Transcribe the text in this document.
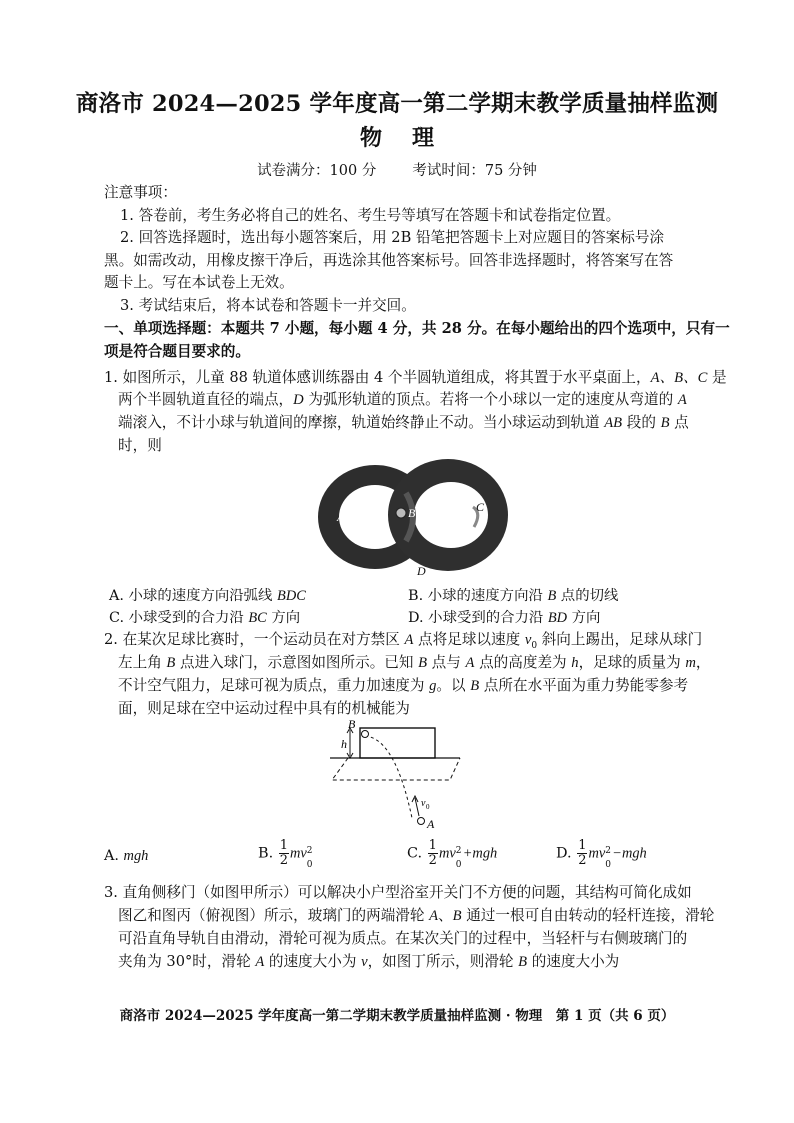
商洛市 2024—2025 学年度高一第二学期末教学质量抽样监测
物理
试卷满分：100 分 考试时间：75 分钟
注意事项：
1. 答卷前，考生务必将自己的姓名、考生号等填写在答题卡和试卷指定位置。
2. 回答选择题时，选出每小题答案后，用 2B 铅笔把答题卡上对应题目的答案标号涂
黑。如需改动，用橡皮擦干净后，再选涂其他答案标号。回答非选择题时，将答案写在答
题卡上。写在本试卷上无效。
3. 考试结束后，将本试卷和答题卡一并交回。
一、单项选择题：本题共 7 小题，每小题 4 分，共 28 分。在每小题给出的四个选项中，只有一
项是符合题目要求的。
1. 如图所示，儿童 88 轨道体感训练器由 4 个半圆轨道组成，将其置于水平桌面上，A、B、C 是
两个半圆轨道直径的端点，D 为弧形轨道的顶点。若将一个小球以一定的速度从弯道的 A
端滚入，不计小球与轨道间的摩擦，轨道始终静止不动。当小球运动到轨道 AB 段的 B 点
时，则
A	B	C
D
A. 小球的速度方向沿弧线 BDC	B. 小球的速度方向沿 B 点的切线
C. 小球受到的合力沿 BC 方向	D. 小球受到的合力沿 BD 方向
2. 在某次足球比赛时，一个运动员在对方禁区 A 点将足球以速度 $v_0$ 斜向上踢出，足球从球门
左上角 B 点进入球门，示意图如图所示。已知 B 点与 A 点的高度差为 h，足球的质量为 m，
不计空气阻力，足球可视为质点，重力加速度为 g。以 B 点所在水平面为重力势能零参考
面，则足球在空中运动过程中具有的机械能为
B
h
v 0
A
A. mgh	B. $\frac{1}{2}$ mv 2
0
C. $\frac{1}{2}$ mv 2
0
+mgh	D. $\frac{1}{2}$ mv 2
0
−mgh
3. 直角侧移门（如图甲所示）可以解决小户型浴室开关门不方便的问题，其结构可简化成如
图乙和图丙（俯视图）所示，玻璃门的两端滑轮 A、B 通过一根可自由转动的轻杆连接，滑轮
可沿直角导轨自由滑动，滑轮可视为质点。在某次关门的过程中，当轻杆与右侧玻璃门的
夹角为 30°时，滑轮 A 的速度大小为 v，如图丁所示，则滑轮 B 的速度大小为
商洛市 2024—2025 学年度高一第二学期末教学质量抽样监测 · 物理　第 1 页（共 6 页）
